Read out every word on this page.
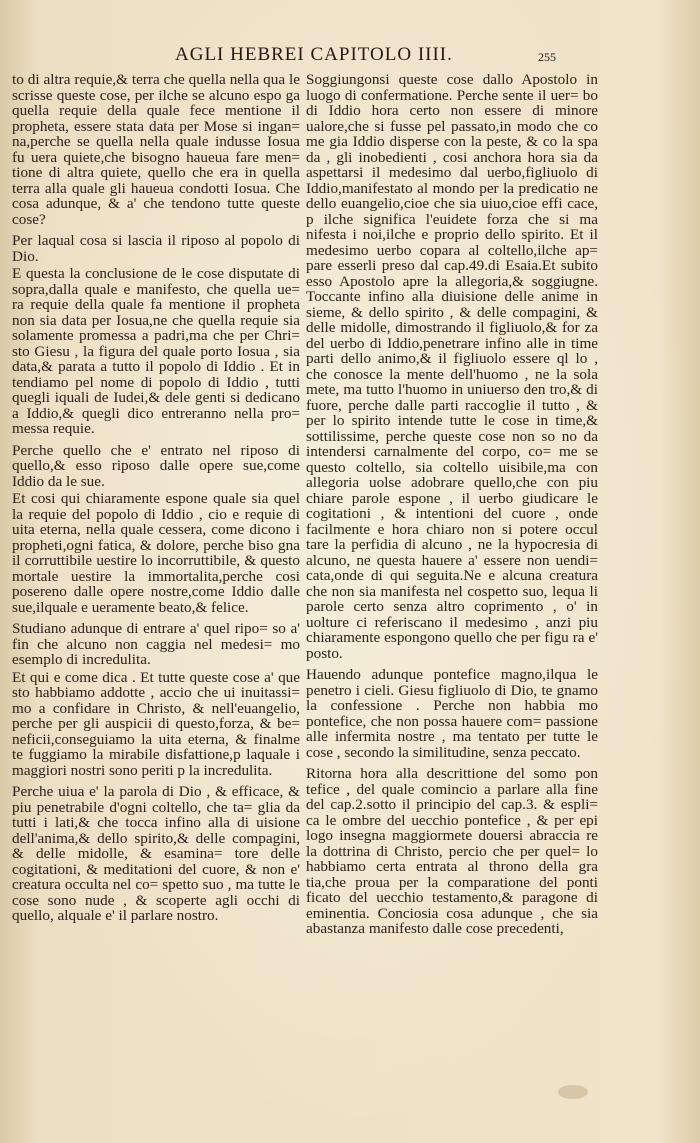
AGLI HEBREI CAPITOLO IIII.	255

to di altra requie,& terra che quella nella qua le scrisse queste cose, per ilche se alcuno espo ga quella requie della quale fece mentione il propheta, essere stata data per Mose si ingan= na,perche se quella nella quale indusse Iosua fu uera quiete,che bisogno haueua fare men= tione di altra quiete, quello che era in quella terra alla quale gli haueua condotti Iosua. Che cosa adunque, & a' che tendono tutte queste cose?

Per laqual cosa si lascia il riposo al popolo di Dio.

E questa la conclusione de le cose disputate di sopra,dalla quale e manifesto, che quella ue= ra requie della quale fa mentione il propheta non sia data per Iosua,ne che quella requie sia solamente promessa a padri,ma che per Chri= sto Giesu , la figura del quale porto Iosua , sia data,& parata a tutto il popolo di Iddio . Et in tendiamo pel nome di popolo di Iddio , tutti quegli iquali de Iudei,& dele genti si dedicano a Iddio,& quegli dico entreranno nella pro= messa requie.

Perche quello che e' entrato nel riposo di quello,& esso riposo dalle opere sue,come Iddio da le sue.

Et cosi qui chiaramente espone quale sia quel la requie del popolo di Iddio , cio e requie di uita eterna, nella quale cessera, come dicono i propheti,ogni fatica, & dolore, perche biso gna il corruttibile uestire lo incorruttibile, & questo mortale uestire la immortalita,perche cosi posereno dalle opere nostre,come Iddio dalle sue,ilquale e ueramente beato,& felice.

Studiano adunque di entrare a' quel ripo= so a' fin che alcuno non caggia nel medesi= mo esemplo di incredulita.

Et qui e come dica . Et tutte queste cose a' que sto habbiamo addotte , accio che ui inuitassi= mo a confidare in Christo, & nell'euangelio, perche per gli auspicii di questo,forza, & be= neficii,conseguiamo la uita eterna, & finalme te fuggiamo la mirabile disfattione,p laquale i maggiori nostri sono periti p la incredulita.

Perche uiua e' la parola di Dio , & efficace, & piu penetrabile d'ogni coltello, che ta= glia da tutti i lati,& che tocca infino alla di uisione dell'anima,& dello spirito,& delle compagini, & delle midolle, & esamina= tore delle cogitationi, & meditationi del cuore, & non e' creatura occulta nel co= spetto suo , ma tutte le cose sono nude , & scoperte agli occhi di quello, alquale e' il parlare nostro.

Soggiungonsi queste cose dallo Apostolo in luogo di confermatione. Perche sente il uer= bo di Iddio hora certo non essere di minore ualore,che si fusse pel passato,in modo che co me gia Iddio disperse con la peste, & co la spa da , gli inobedienti , cosi anchora hora sia da aspettarsi il medesimo dal uerbo,figliuolo di Iddio,manifestato al mondo per la predicatio ne dello euangelio,cioe che sia uiuo,cioe effi cace, p ilche significa l'euidete forza che si ma nifesta i noi,ilche e proprio dello spirito. Et il medesimo uerbo copara al coltello,ilche ap= pare esserli preso dal cap.49.di Esaia.Et subito esso Apostolo apre la allegoria,& soggiugne. Toccante infino alla diuisione delle anime in sieme, & dello spirito , & delle compagini, & delle midolle, dimostrando il figliuolo,& for za del uerbo di Iddio,penetrare infino alle in time parti dello animo,& il figliuolo essere ql lo , che conosce la mente dell'huomo , ne la sola mete, ma tutto l'huomo in uniuerso den tro,& di fuore, perche dalle parti raccoglie il tutto , & per lo spirito intende tutte le cose in time,& sottilissime, perche queste cose non so no da intendersi carnalmente del corpo, co= me se questo coltello, sia coltello uisibile,ma con allegoria uolse adobrare quello,che con piu chiare parole espone , il uerbo giudicare le cogitationi , & intentioni del cuore , onde facilmente e hora chiaro non si potere occul tare la perfidia di alcuno , ne la hypocresia di alcuno, ne questa hauere a' essere non uendi= cata,onde di qui seguita.Ne e alcuna creatura che non sia manifesta nel cospetto suo, lequa li parole certo senza altro coprimento , o' in uolture ci referiscano il medesimo , anzi piu chiaramente espongono quello che per figu ra e' posto.

Hauendo adunque pontefice magno,ilqua le penetro i cieli. Giesu figliuolo di Dio, te gnamo la confessione . Perche non habbia mo pontefice, che non possa hauere com= passione alle infermita nostre , ma tentato per tutte le cose , secondo la similitudine, senza peccato.

Ritorna hora alla descrittione del somo pon tefice , del quale comincio a parlare alla fine del cap.2.sotto il principio del cap.3. & espli= ca le ombre del uecchio pontefice , & per epi logo insegna maggiormete douersi abraccia re la dottrina di Christo, percio che per quel= lo habbiamo certa entrata al throno della gra tia,che proua per la comparatione del ponti ficato del uecchio testamento,& paragone di eminentia. Conciosia cosa adunque , che sia abastanza manifesto dalle cose precedenti,
